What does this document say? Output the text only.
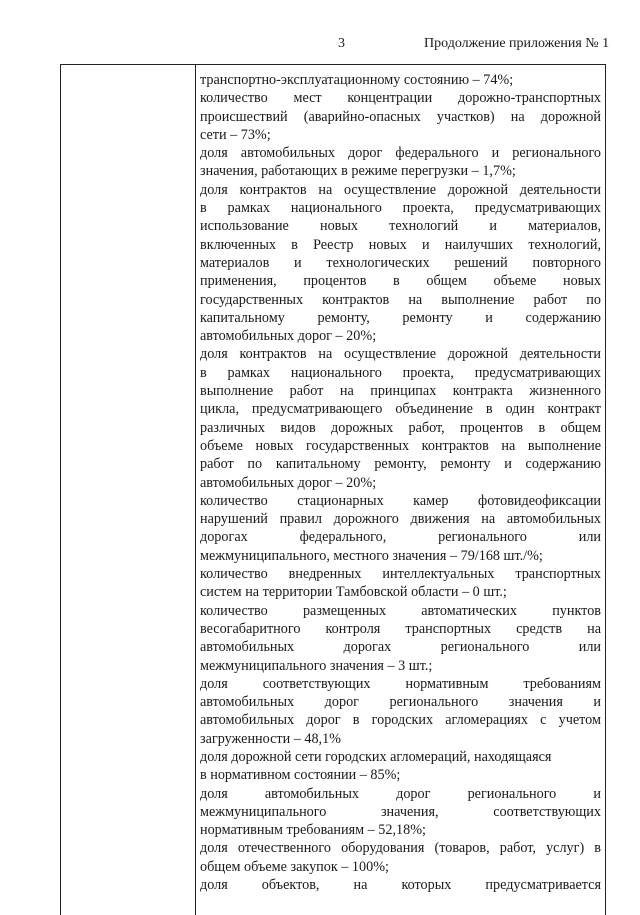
3	Продолжение приложения № 1
транспортно-эксплуатационному состоянию – 74%;
количество мест концентрации дорожно-транспортных
происшествий (аварийно-опасных участков) на дорожной
сети – 73%;
доля автомобильных дорог федерального и регионального
значения, работающих в режиме перегрузки – 1,7%;
доля контрактов на осуществление дорожной деятельности
в рамках национального проекта, предусматривающих
использование новых технологий и материалов,
включенных в Реестр новых и наилучших технологий,
материалов и технологических решений повторного
применения, процентов в общем объеме новых
государственных контрактов на выполнение работ по
капитальному ремонту, ремонту и содержанию
автомобильных дорог – 20%;
доля контрактов на осуществление дорожной деятельности
в рамках национального проекта, предусматривающих
выполнение работ на принципах контракта жизненного
цикла, предусматривающего объединение в один контракт
различных видов дорожных работ, процентов в общем
объеме новых государственных контрактов на выполнение
работ по капитальному ремонту, ремонту и содержанию
автомобильных дорог – 20%;
количество стационарных камер фотовидеофиксации
нарушений правил дорожного движения на автомобильных
дорогах федерального, регионального или
межмуниципального, местного значения – 79/168 шт./%;
количество внедренных интеллектуальных транспортных
систем на территории Тамбовской области – 0 шт.;
количество размещенных автоматических пунктов
весогабаритного контроля транспортных средств на
автомобильных дорогах регионального или
межмуниципального значения – 3 шт.;
доля соответствующих нормативным требованиям
автомобильных дорог регионального значения и
автомобильных дорог в городских агломерациях с учетом
загруженности – 48,1%
доля дорожной сети городских агломераций, находящаяся
в нормативном состоянии – 85%;
доля автомобильных дорог регионального и
межмуниципального значения, соответствующих
нормативным требованиям – 52,18%;
доля отечественного оборудования (товаров, работ, услуг) в
общем объеме закупок – 100%;
доля объектов, на которых предусматривается
